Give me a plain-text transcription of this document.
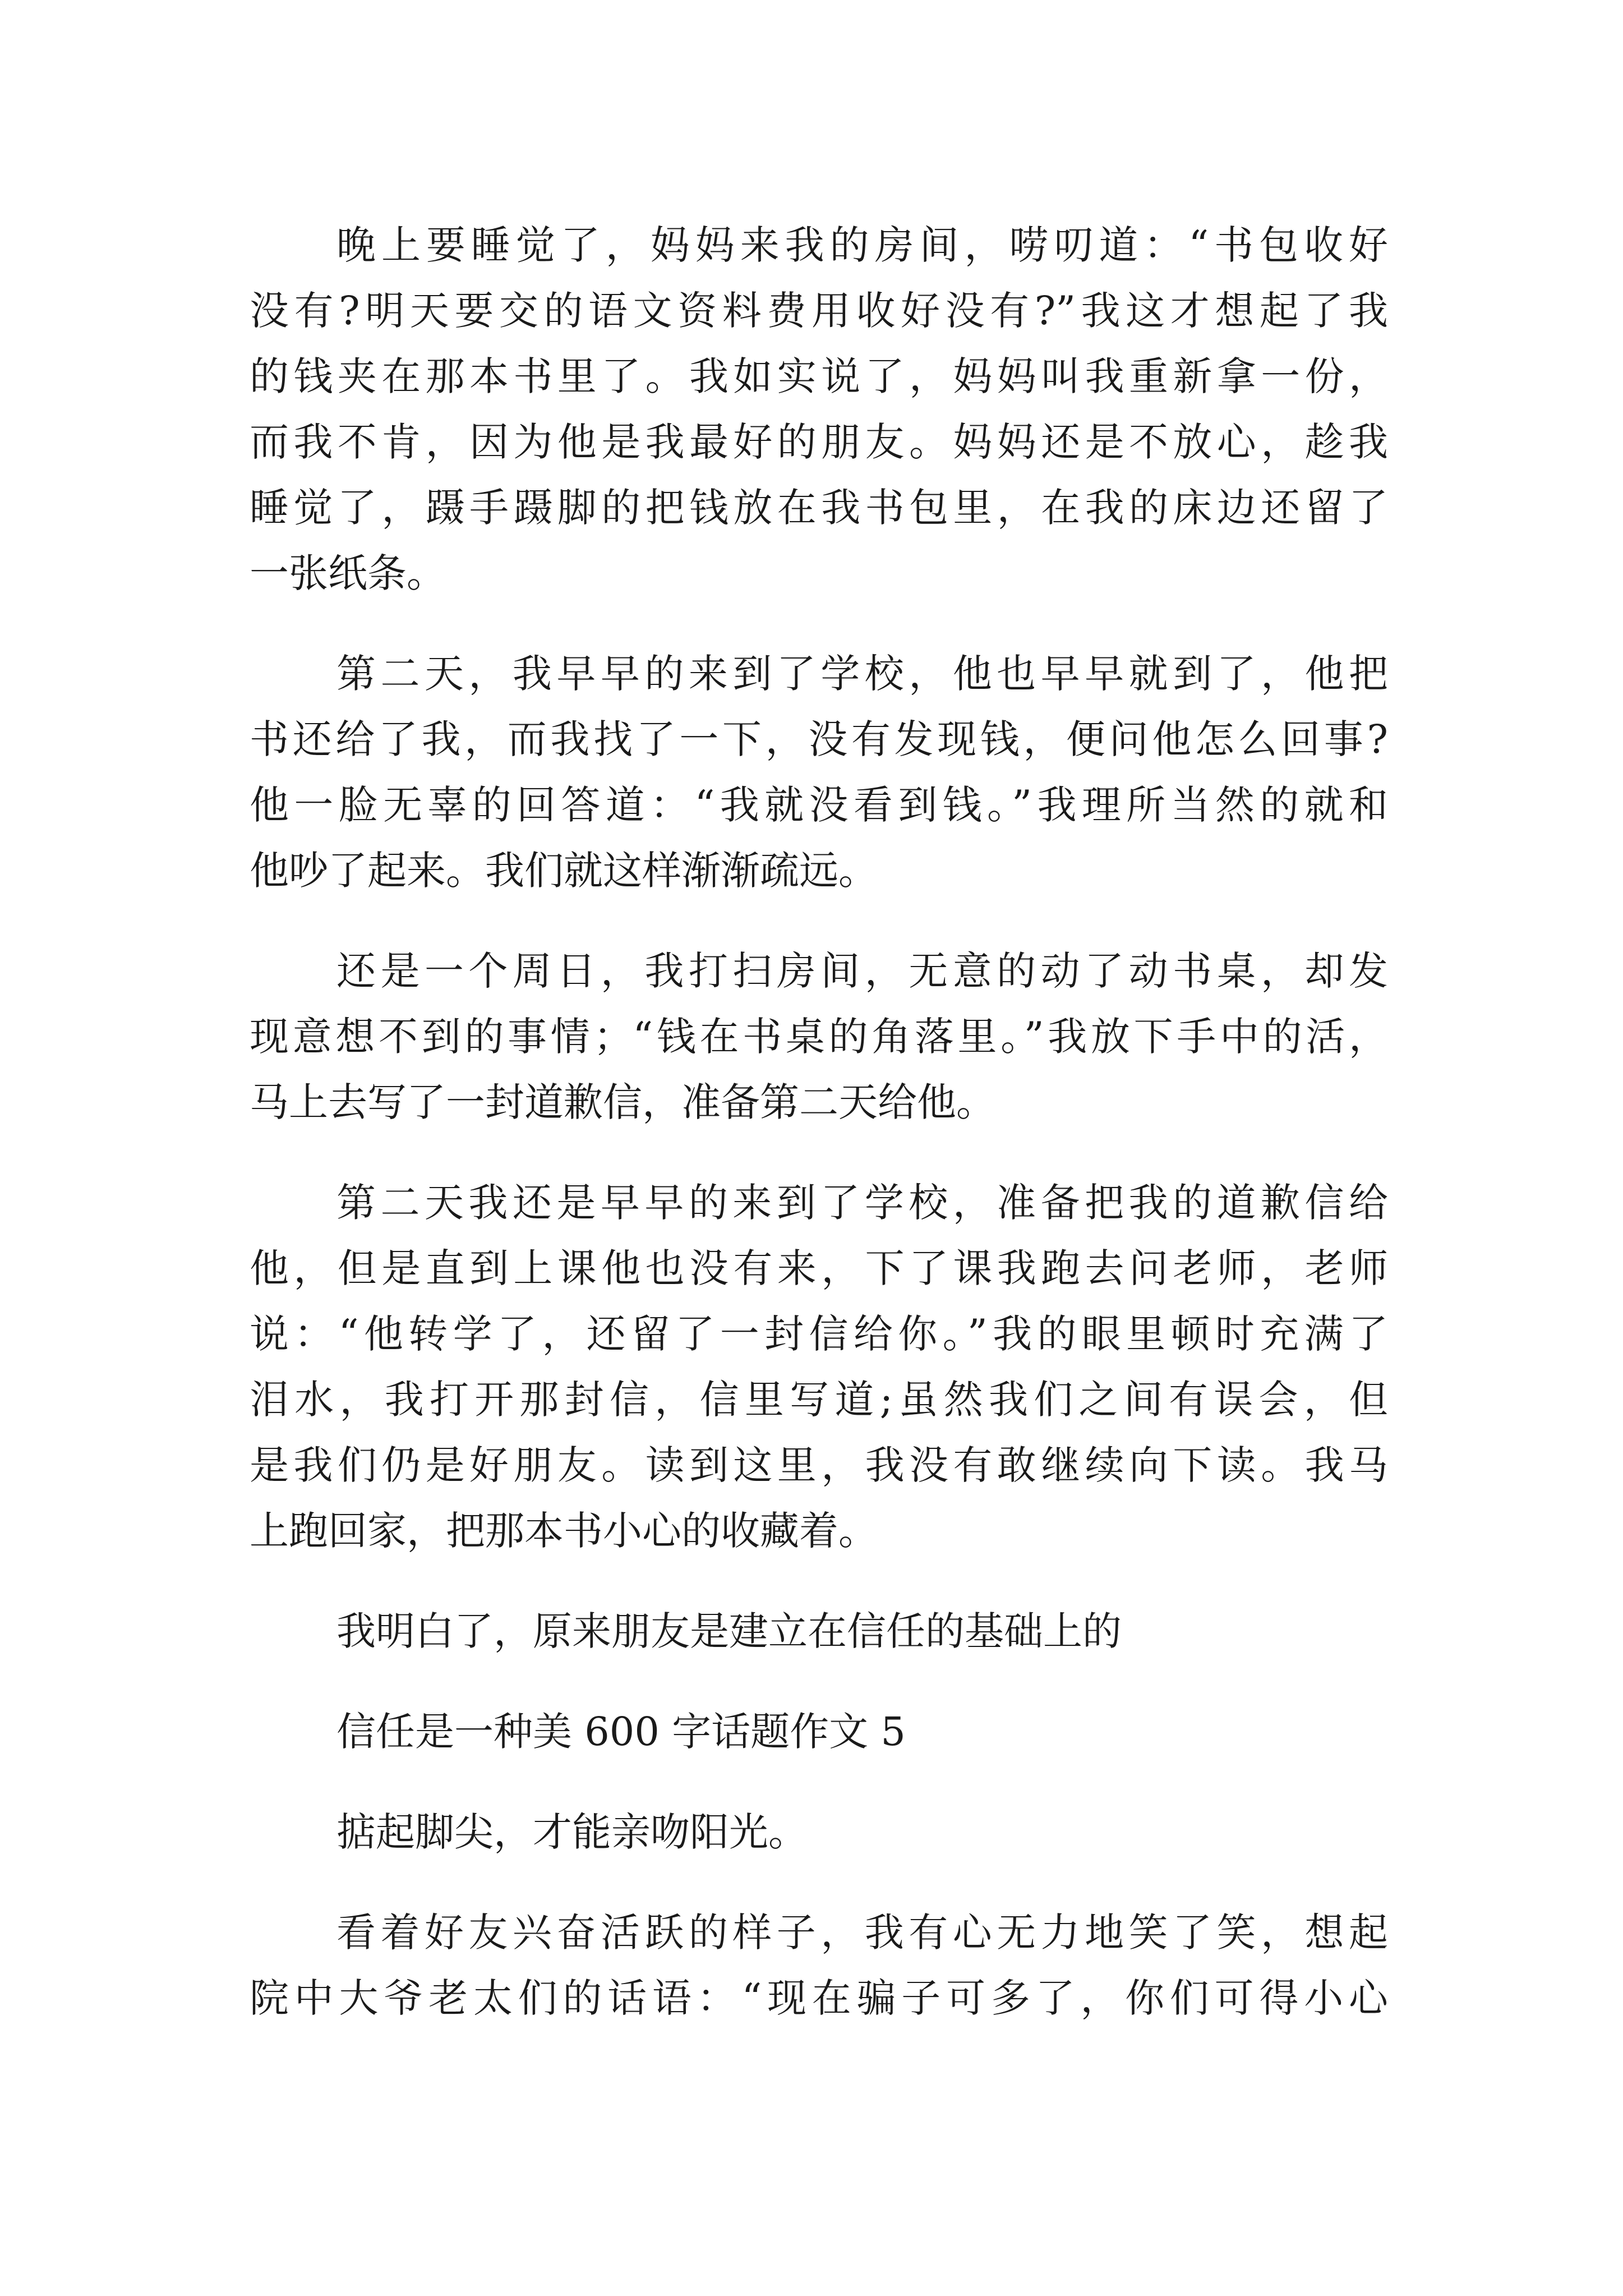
晚上要睡觉了，妈妈来我的房间，唠叨道：“书包收好

没有?明天要交的语文资料费用收好没有?”我这才想起了我

的钱夹在那本书里了。我如实说了，妈妈叫我重新拿一份，

而我不肯，因为他是我最好的朋友。妈妈还是不放心，趁我

睡觉了，蹑手蹑脚的把钱放在我书包里，在我的床边还留了

一张纸条。

第二天，我早早的来到了学校，他也早早就到了，他把

书还给了我，而我找了一下，没有发现钱，便问他怎么回事?

他一脸无辜的回答道：“我就没看到钱。”我理所当然的就和

他吵了起来。我们就这样渐渐疏远。

还是一个周日，我打扫房间，无意的动了动书桌，却发

现意想不到的事情；“钱在书桌的角落里。”我放下手中的活，

马上去写了一封道歉信，准备第二天给他。

第二天我还是早早的来到了学校，准备把我的道歉信给

他，但是直到上课他也没有来，下了课我跑去问老师，老师

说：“他转学了，还留了一封信给你。”我的眼里顿时充满了

泪水，我打开那封信，信里写道;虽然我们之间有误会，但

是我们仍是好朋友。读到这里，我没有敢继续向下读。我马

上跑回家，把那本书小心的收藏着。

我明白了，原来朋友是建立在信任的基础上的

信任是一种美 600 字话题作文 5

掂起脚尖，才能亲吻阳光。

看着好友兴奋活跃的样子，我有心无力地笑了笑，想起

院中大爷老太们的话语：“现在骗子可多了，你们可得小心
